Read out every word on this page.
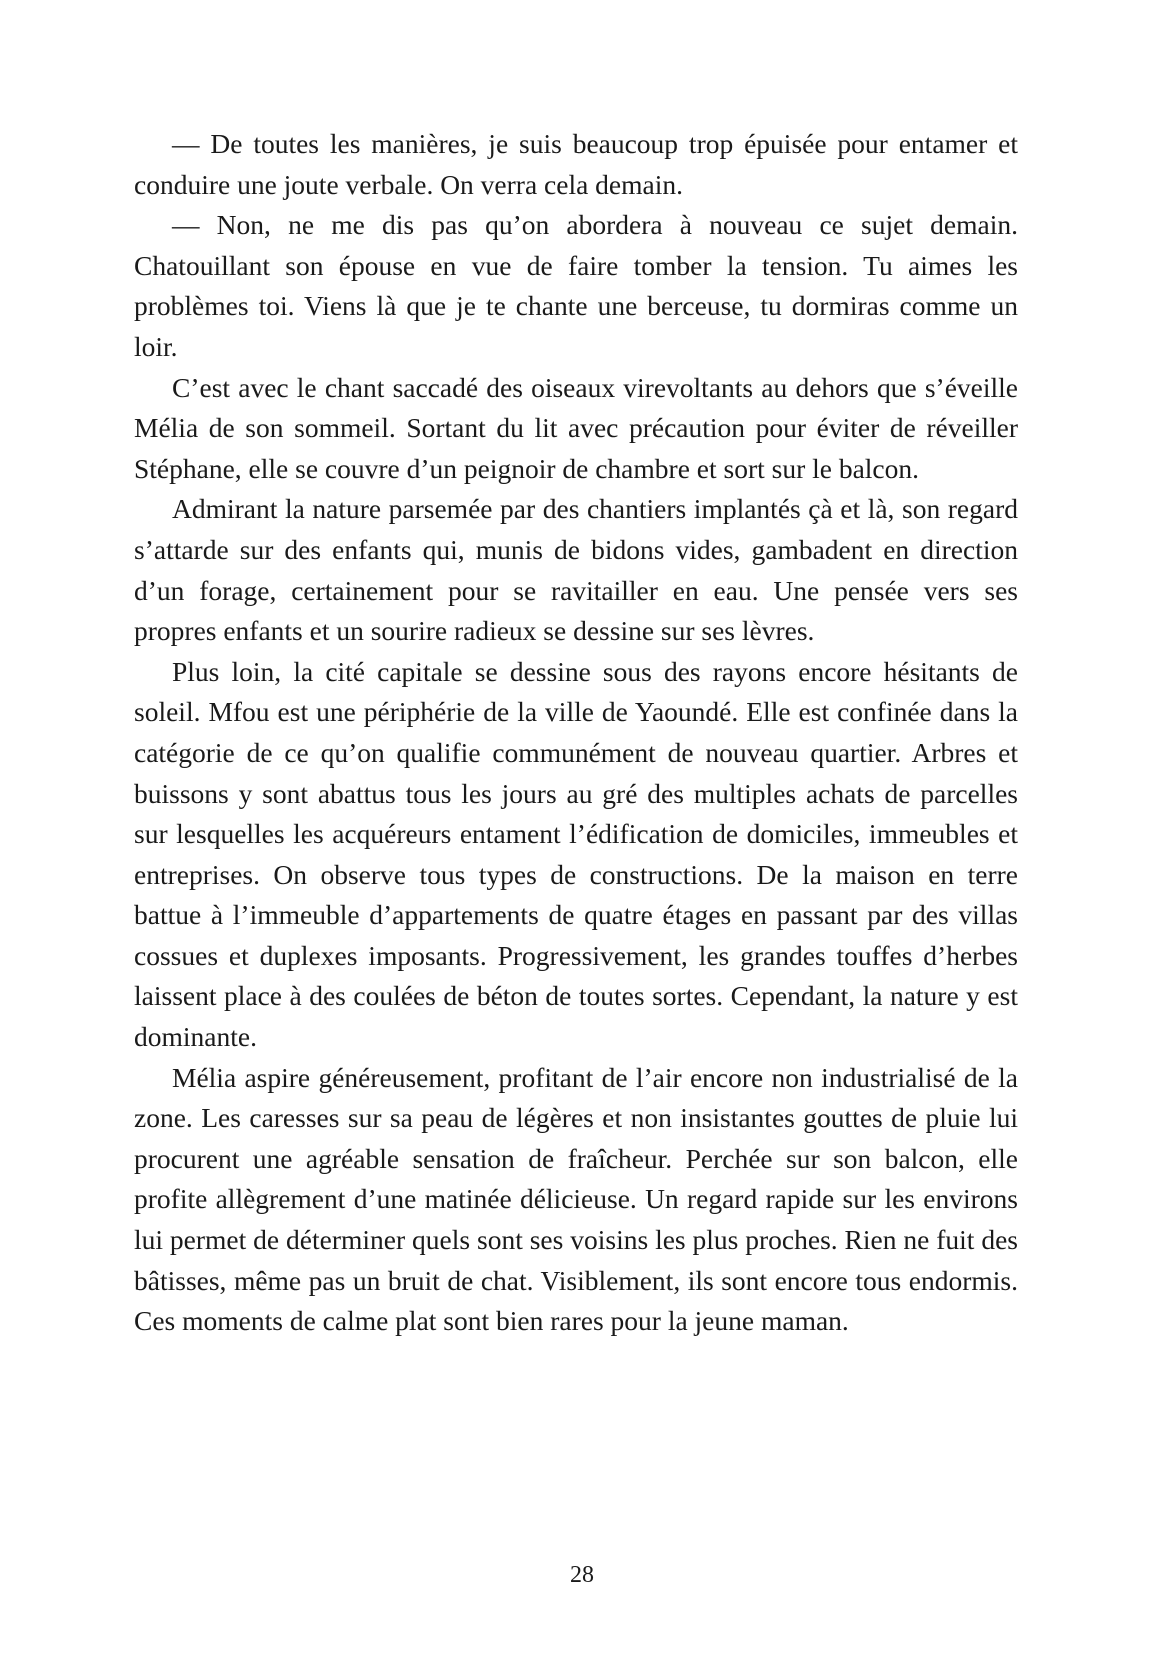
— De toutes les manières, je suis beaucoup trop épuisée pour entamer et conduire une joute verbale. On verra cela demain.

— Non, ne me dis pas qu’on abordera à nouveau ce sujet demain. Chatouillant son épouse en vue de faire tomber la tension. Tu aimes les problèmes toi. Viens là que je te chante une berceuse, tu dormiras comme un loir.

C’est avec le chant saccadé des oiseaux virevoltants au dehors que s’éveille Mélia de son sommeil. Sortant du lit avec précaution pour éviter de réveiller Stéphane, elle se couvre d’un peignoir de chambre et sort sur le balcon.

Admirant la nature parsemée par des chantiers implantés çà et là, son regard s’attarde sur des enfants qui, munis de bidons vides, gambadent en direction d’un forage, certainement pour se ravitailler en eau. Une pensée vers ses propres enfants et un sourire radieux se dessine sur ses lèvres.

Plus loin, la cité capitale se dessine sous des rayons encore hésitants de soleil. Mfou est une périphérie de la ville de Yaoundé. Elle est confinée dans la catégorie de ce qu’on qualifie communément de nouveau quartier. Arbres et buissons y sont abattus tous les jours au gré des multiples achats de parcelles sur lesquelles les acquéreurs entament l’édification de domiciles, immeubles et entreprises. On observe tous types de constructions. De la maison en terre battue à l’immeuble d’appartements de quatre étages en passant par des villas cossues et duplexes imposants. Progressivement, les grandes touffes d’herbes laissent place à des coulées de béton de toutes sortes. Cependant, la nature y est dominante.

Mélia aspire généreusement, profitant de l’air encore non industrialisé de la zone. Les caresses sur sa peau de légères et non insistantes gouttes de pluie lui procurent une agréable sensation de fraîcheur. Perchée sur son balcon, elle profite allègrement d’une matinée délicieuse. Un regard rapide sur les environs lui permet de déterminer quels sont ses voisins les plus proches. Rien ne fuit des bâtisses, même pas un bruit de chat. Visiblement, ils sont encore tous endormis. Ces moments de calme plat sont bien rares pour la jeune maman.

28
